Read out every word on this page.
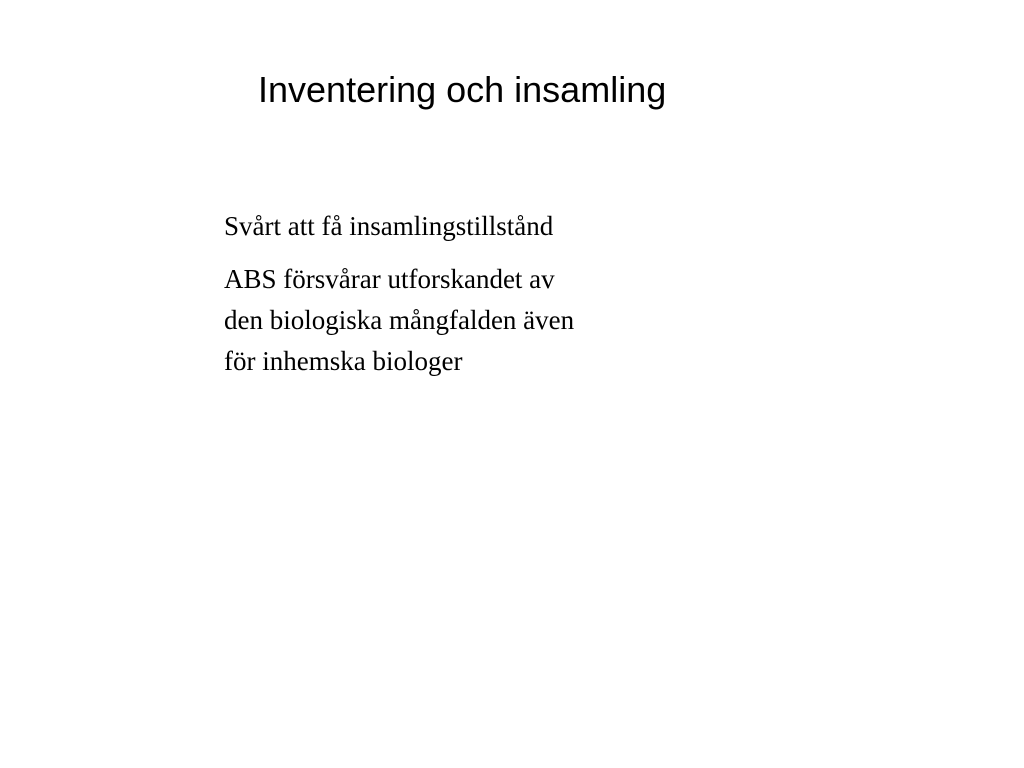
Inventering och insamling

Svårt att få insamlingstillstånd

ABS försvårar utforskandet av
den biologiska mångfalden även
för inhemska biologer
